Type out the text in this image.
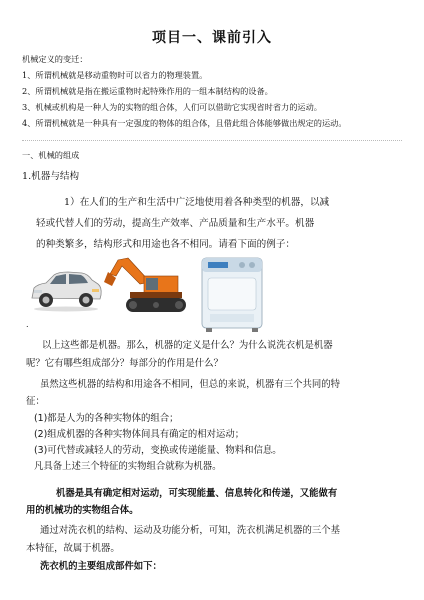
项目一、课前引入
机械定义的变迁：
1、所谓机械就是移动重物时可以省力的物理装置。
2、所谓机械就是指在搬运重物时起特殊作用的一组本制结构的设备。
3、机械或机构是一种人为的实物的组合体，人们可以借助它实现省时省力的运动。
4、所谓机械就是一种具有一定强度的物体的组合体，且借此组合体能够做出规定的运动。
一、机械的组成
1.机器与结构
1）在人们的生产和生活中广泛地使用着各种类型的机器，以减
轻或代替人们的劳动，提高生产效率、产品质量和生产水平。机器
的种类繁多，结构形式和用途也各不相同。请看下面的例子：
.
以上这些都是机器。那么，机器的定义是什么？为什么说洗衣机是机器
呢？它有哪些组成部分？每部分的作用是什么？
虽然这些机器的结构和用途各不相同，但总的来说，机器有三个共同的特
征：
(1)都是人为的各种实物体的组合；
(2)组成机器的各种实物体间具有确定的相对运动；
(3)可代替或减轻人的劳动，变换或传递能量、物料和信息。
凡具备上述三个特征的实物组合就称为机器。
机器是具有确定相对运动，可实现能量、信息转化和传递，又能做有
用的机械功的实物组合体。
通过对洗衣机的结构、运动及功能分析，可知，洗衣机满足机器的三个基
本特征，故属于机器。
洗衣机的主要组成部件如下：
